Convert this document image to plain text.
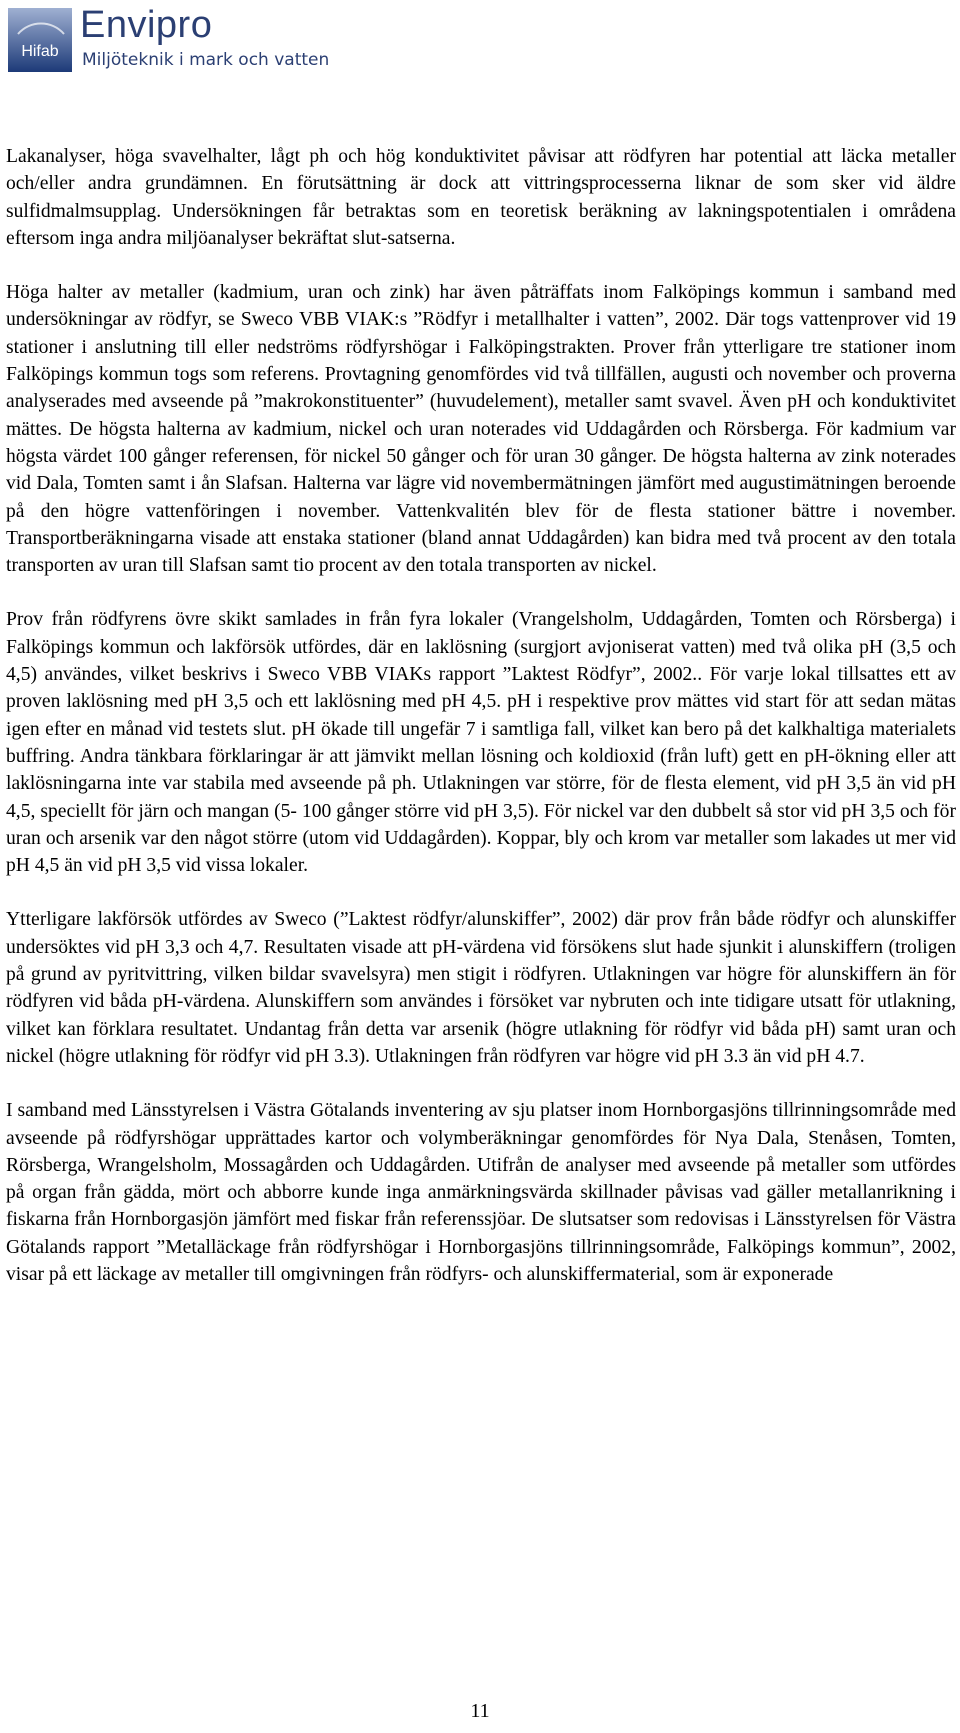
Hifab
Envipro
Miljöteknik i mark och vatten

Lakanalyser, höga svavelhalter, lågt ph och hög konduktivitet påvisar att rödfyren har potential att läcka metaller och/eller andra grundämnen. En förutsättning är dock att vittringsprocesserna liknar de som sker vid äldre sulfidmalmsupplag. Undersökningen får betraktas som en teoretisk beräkning av lakningspotentialen i områdena eftersom inga andra miljöanalyser bekräftat slut-satserna.

Höga halter av metaller (kadmium, uran och zink) har även påträffats inom Falköpings kommun i samband med undersökningar av rödfyr, se Sweco VBB VIAK:s ”Rödfyr i metallhalter i vatten”, 2002. Där togs vattenprover vid 19 stationer i anslutning till eller nedströms rödfyrshögar i Falköpingstrakten. Prover från ytterligare tre stationer inom Falköpings kommun togs som referens. Provtagning genomfördes vid två tillfällen, augusti och november och proverna analyserades med avseende på ”makrokonstituenter” (huvudelement), metaller samt svavel. Även pH och konduktivitet mättes. De högsta halterna av kadmium, nickel och uran noterades vid Uddagården och Rörsberga. För kadmium var högsta värdet 100 gånger referensen, för nickel 50 gånger och för uran 30 gånger. De högsta halterna av zink noterades vid Dala, Tomten samt i ån Slafsan. Halterna var lägre vid novembermätningen jämfört med augustimätningen beroende på den högre vattenföringen i november. Vattenkvalitén blev för de flesta stationer bättre i november. Transportberäkningarna visade att enstaka stationer (bland annat Uddagården) kan bidra med två procent av den totala transporten av uran till Slafsan samt tio procent av den totala transporten av nickel.

Prov från rödfyrens övre skikt samlades in från fyra lokaler (Vrangelsholm, Uddagården, Tomten och Rörsberga) i Falköpings kommun och lakförsök utfördes, där en laklösning (surgjort avjoniserat vatten) med två olika pH (3,5 och 4,5) användes, vilket beskrivs i Sweco VBB VIAKs rapport ”Laktest Rödfyr”, 2002.. För varje lokal tillsattes ett av proven laklösning med pH 3,5 och ett laklösning med pH 4,5. pH i respektive prov mättes vid start för att sedan mätas igen efter en månad vid testets slut. pH ökade till ungefär 7 i samtliga fall, vilket kan bero på det kalkhaltiga materialets buffring. Andra tänkbara förklaringar är att jämvikt mellan lösning och koldioxid (från luft) gett en pH-ökning eller att laklösningarna inte var stabila med avseende på ph. Utlakningen var större, för de flesta element, vid pH 3,5 än vid pH 4,5, speciellt för järn och mangan (5- 100 gånger större vid pH 3,5). För nickel var den dubbelt så stor vid pH 3,5 och för uran och arsenik var den något större (utom vid Uddagården). Koppar, bly och krom var metaller som lakades ut mer vid pH 4,5 än vid pH 3,5 vid vissa lokaler.

Ytterligare lakförsök utfördes av Sweco (”Laktest rödfyr/alunskiffer”, 2002) där prov från både rödfyr och alunskiffer undersöktes vid pH 3,3 och 4,7. Resultaten visade att pH-värdena vid försökens slut hade sjunkit i alunskiffern (troligen på grund av pyritvittring, vilken bildar svavelsyra) men stigit i rödfyren. Utlakningen var högre för alunskiffern än för rödfyren vid båda pH-värdena. Alunskiffern som användes i försöket var nybruten och inte tidigare utsatt för utlakning, vilket kan förklara resultatet. Undantag från detta var arsenik (högre utlakning för rödfyr vid båda pH) samt uran och nickel (högre utlakning för rödfyr vid pH 3.3). Utlakningen från rödfyren var högre vid pH 3.3 än vid pH 4.7.

I samband med Länsstyrelsen i Västra Götalands inventering av sju platser inom Hornborgasjöns tillrinningsområde med avseende på rödfyrshögar upprättades kartor och volymberäkningar genomfördes för Nya Dala, Stenåsen, Tomten, Rörsberga, Wrangelsholm, Mossagården och Uddagården. Utifrån de analyser med avseende på metaller som utfördes på organ från gädda, mört och abborre kunde inga anmärkningsvärda skillnader påvisas vad gäller metallanrikning i fiskarna från Hornborgasjön jämfört med fiskar från referenssjöar. De slutsatser som redovisas i Länsstyrelsen för Västra Götalands rapport ”Metalläckage från rödfyrshögar i Hornborgasjöns tillrinningsområde, Falköpings kommun”, 2002, visar på ett läckage av metaller till omgivningen från rödfyrs- och alunskiffermaterial, som är exponerade

11
